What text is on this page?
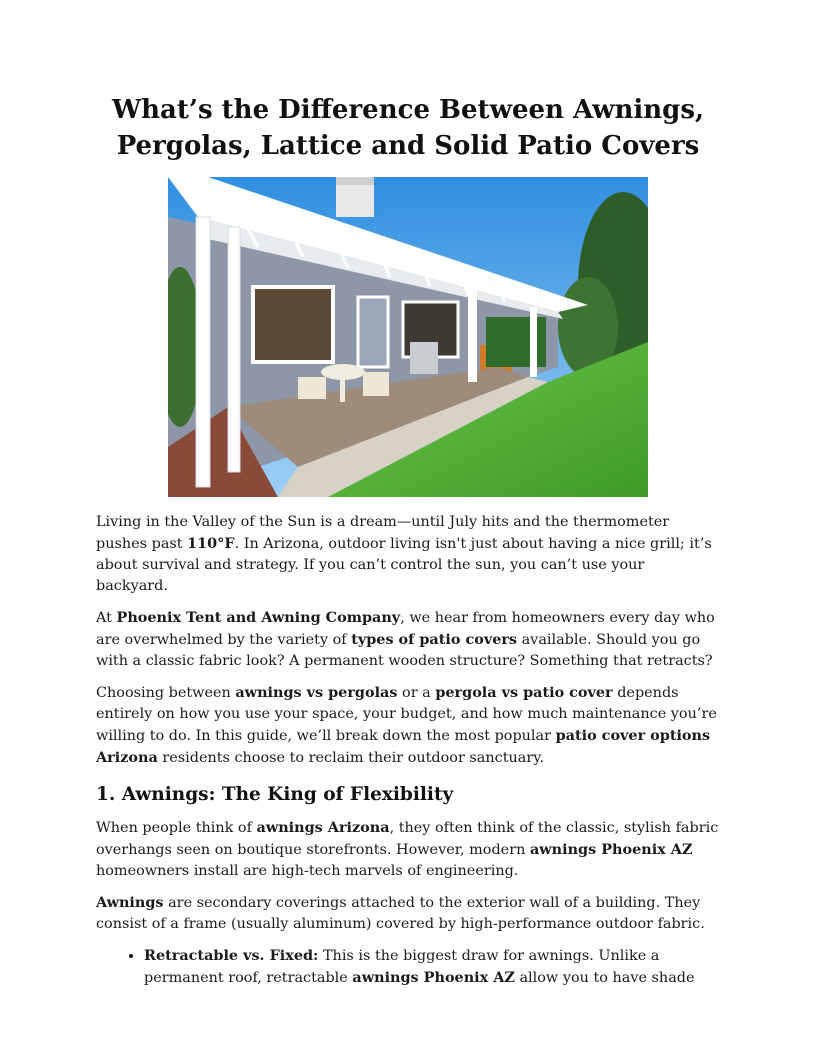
What’s the Difference Between Awnings, Pergolas, Lattice and Solid Patio Covers

Living in the Valley of the Sun is a dream—until July hits and the thermometer pushes past 110°F. In Arizona, outdoor living isn't just about having a nice grill; it’s about survival and strategy. If you can’t control the sun, you can’t use your backyard.

At Phoenix Tent and Awning Company, we hear from homeowners every day who are overwhelmed by the variety of types of patio covers available. Should you go with a classic fabric look? A permanent wooden structure? Something that retracts?

Choosing between awnings vs pergolas or a pergola vs patio cover depends entirely on how you use your space, your budget, and how much maintenance you’re willing to do. In this guide, we’ll break down the most popular patio cover options Arizona residents choose to reclaim their outdoor sanctuary.

1. Awnings: The King of Flexibility

When people think of awnings Arizona, they often think of the classic, stylish fabric overhangs seen on boutique storefronts. However, modern awnings Phoenix AZ homeowners install are high-tech marvels of engineering.

Awnings are secondary coverings attached to the exterior wall of a building. They consist of a frame (usually aluminum) covered by high-performance outdoor fabric.

• Retractable vs. Fixed: This is the biggest draw for awnings. Unlike a permanent roof, retractable awnings Phoenix AZ allow you to have shade
